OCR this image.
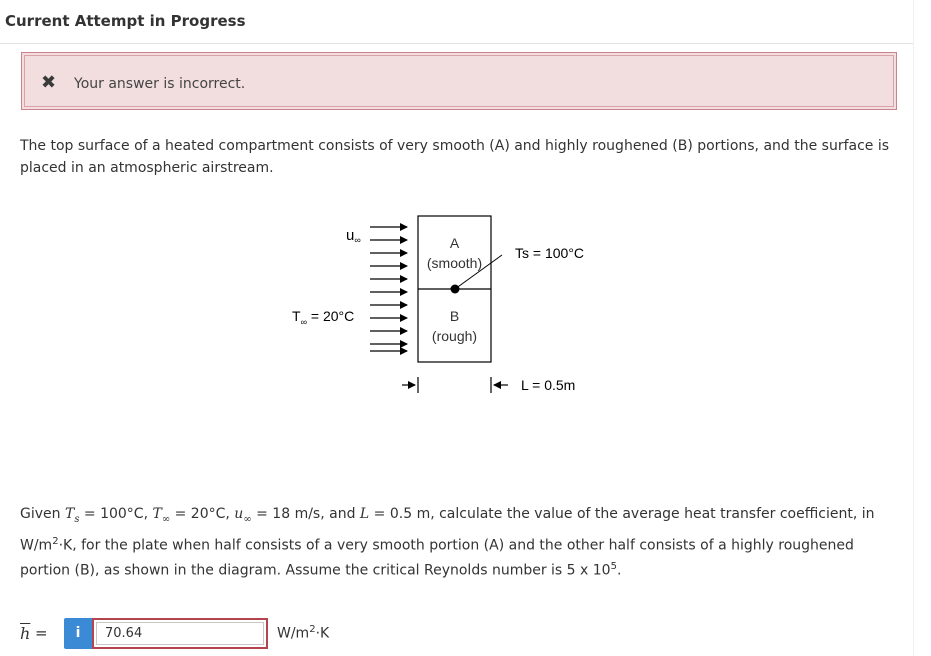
Current Attempt in Progress
✖ Your answer is incorrect.
The top surface of a heated compartment consists of very smooth (A) and highly roughened (B) portions, and the surface is placed in an atmospheric airstream.
$u_\infty$
$T_\infty = 20^\circ C$
A
(smooth)
B
(rough)
Ts = 100°C
L = 0.5m
Given $T_s = 100^\circ C$, $T_\infty = 20^\circ C$, $u_\infty = 18$ m/s, and L = 0.5 m, calculate the value of the average heat transfer coefficient, in $W/m^2\cdot K$, for the plate when half consists of a very smooth portion (A) and the other half consists of a highly roughened portion (B), as shown in the diagram. Assume the critical Reynolds number is 5 x $10^5$.
$\overline{h}$ =	i
70.64	$W/m^2\cdot K$
